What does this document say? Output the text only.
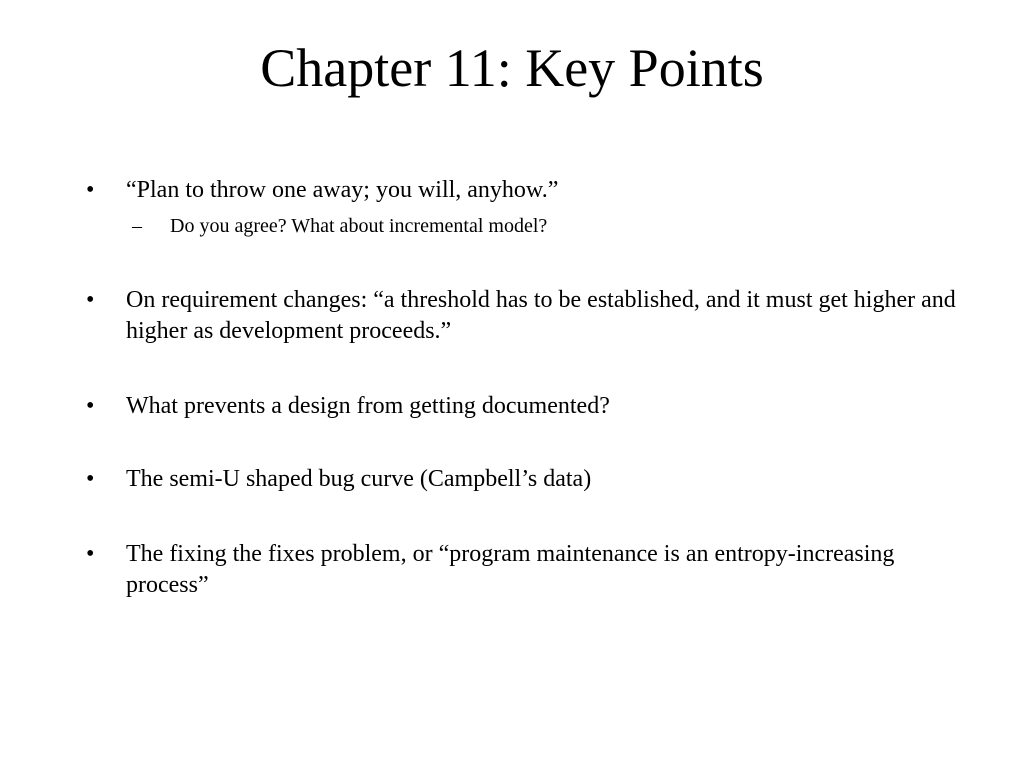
Chapter 11: Key Points
•	“Plan to throw one away; you will, anyhow.”
–	Do you agree? What about incremental model?
•	On requirement changes: “a threshold has to be established, and it must get higher and higher as development proceeds.”
•	What prevents a design from getting documented?
•	The semi-U shaped bug curve (Campbell’s data)
•	The fixing the fixes problem, or “program maintenance is an entropy-increasing process”
